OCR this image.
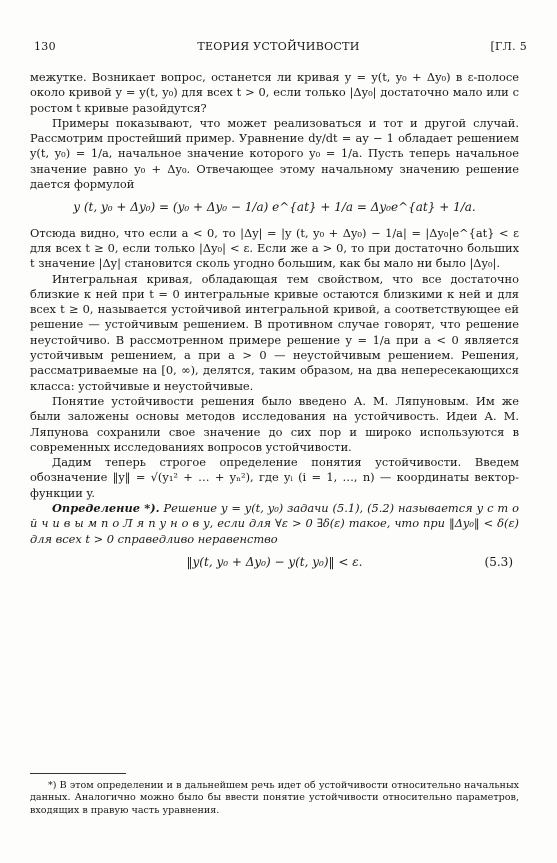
130	ТЕОРИЯ УСТОЙЧИВОСТИ	[ГЛ. 5

межутке. Возникает вопрос, останется ли кривая y = y(t, y₀ + Δy₀) в ε-полосе около кривой y = y(t, y₀) для всех t > 0, если только |Δy₀| достаточно мало или с ростом t кривые разойдутся?

Примеры показывают, что может реализоваться и тот и другой случай. Рассмотрим простейший пример. Уравнение dy/dt = ay − 1 обладает решением y(t, y₀) = 1/a, начальное значение которого y₀ = 1/a. Пусть теперь начальное значение равно y₀ + Δy₀. Отвечающее этому начальному значению решение дается формулой

y (t, y₀ + Δy₀) = (y₀ + Δy₀ − 1/a) e^{at} + 1/a = Δy₀e^{at} + 1/a.

Отсюда видно, что если a < 0, то |Δy| = |y (t, y₀ + Δy₀) − 1/a| = |Δy₀|e^{at} < ε для всех t ≥ 0, если только |Δy₀| < ε. Если же a > 0, то при достаточно больших t значение |Δy| становится сколь угодно большим, как бы мало ни было |Δy₀|.

Интегральная кривая, обладающая тем свойством, что все достаточно близкие к ней при t = 0 интегральные кривые остаются близкими к ней и для всех t ≥ 0, называется устойчивой интегральной кривой, а соответствующее ей решение — устойчивым решением. В противном случае говорят, что решение неустойчиво. В рассмотренном примере решение y = 1/a при a < 0 является устойчивым решением, а при a > 0 — неустойчивым решением. Решения, рассматриваемые на [0, ∞), делятся, таким образом, на два непересекающихся класса: устойчивые и неустойчивые.

Понятие устойчивости решения было введено А. М. Ляпуновым. Им же были заложены основы методов исследования на устойчивость. Идеи А. М. Ляпунова сохранили свое значение до сих пор и широко используются в современных исследованиях вопросов устойчивости.

Дадим теперь строгое определение понятия устойчивости. Введем обозначение ‖y‖ = √(y₁² + … + yₙ²), где yᵢ (i = 1, …, n) — координаты вектор-функции y.

Определение *). Решение y = y(t, y₀) задачи (5.1), (5.2) называется у с т о й ч и в ы м п о Л я п у н о в у, если для ∀ε > 0 ∃δ(ε) такое, что при ‖Δy₀‖ < δ(ε) для всех t > 0 справедливо неравенство

‖y(t, y₀ + Δy₀) − y(t, y₀)‖ < ε.	(5.3)

*) В этом определении и в дальнейшем речь идет об устойчивости относительно начальных данных. Аналогично можно было бы ввести понятие устойчивости относительно параметров, входящих в правую часть уравнения.
